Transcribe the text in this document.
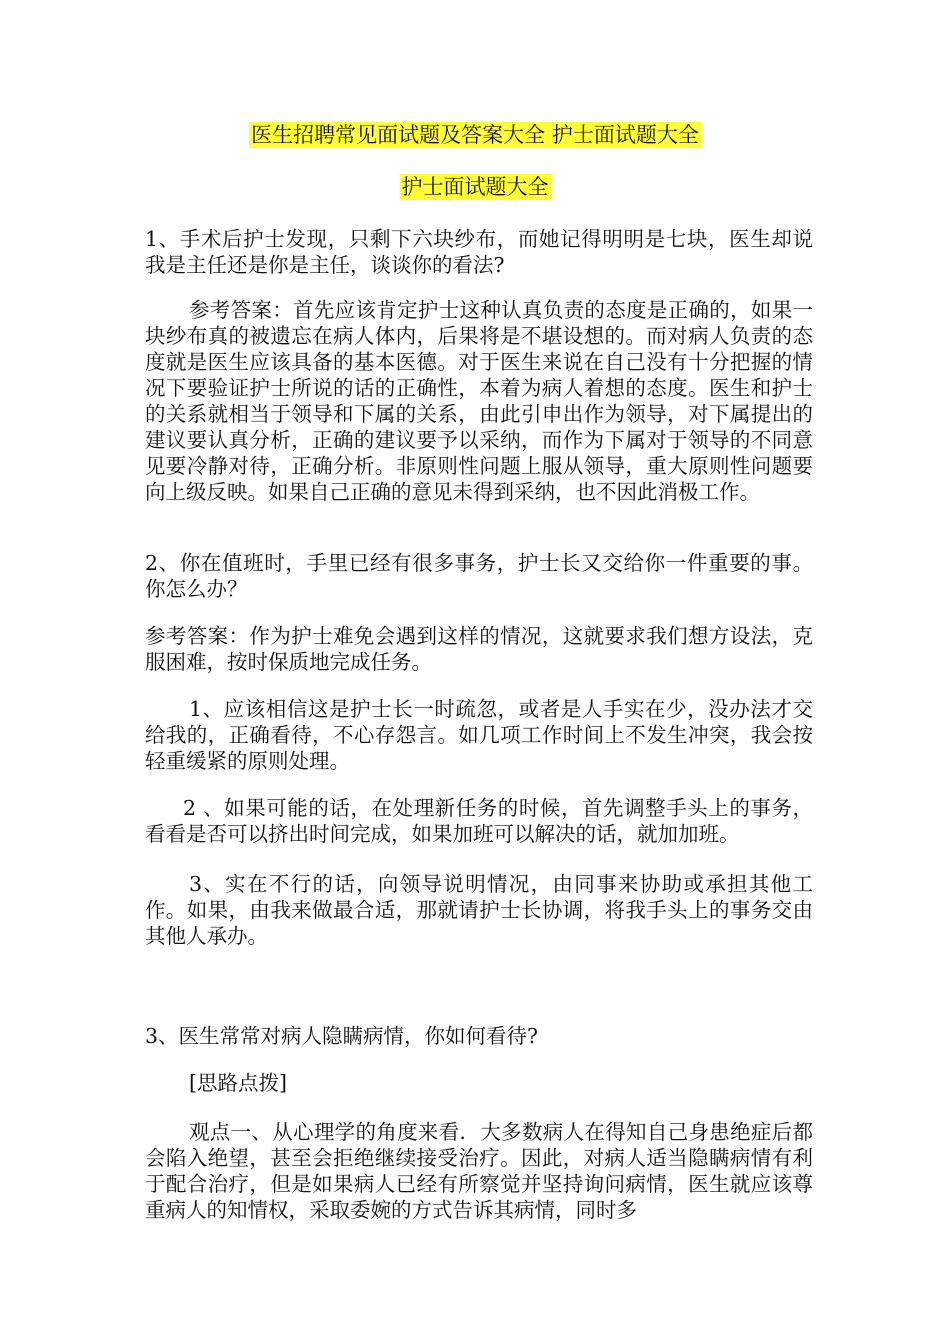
医生招聘常见面试题及答案大全 护士面试题大全
护士面试题大全
1、手术后护士发现，只剩下六块纱布，而她记得明明是七块，医生却说我是主任还是你是主任，谈谈你的看法?
参考答案：首先应该肯定护士这种认真负责的态度是正确的，如果一块纱布真的被遗忘在病人体内，后果将是不堪设想的。而对病人负责的态度就是医生应该具备的基本医德。对于医生来说在自己没有十分把握的情况下要验证护士所说的话的正确性，本着为病人着想的态度。医生和护士的关系就相当于领导和下属的关系，由此引申出作为领导，对下属提出的建议要认真分析，正确的建议要予以采纳，而作为下属对于领导的不同意见要冷静对待，正确分析。非原则性问题上服从领导，重大原则性问题要向上级反映。如果自己正确的意见未得到采纳，也不因此消极工作。
2、你在值班时，手里已经有很多事务，护士长又交给你一件重要的事。你怎么办？
参考答案：作为护士难免会遇到这样的情况，这就要求我们想方设法，克服困难，按时保质地完成任务。
1、应该相信这是护士长一时疏忽，或者是人手实在少，没办法才交给我的，正确看待，不心存怨言。如几项工作时间上不发生冲突，我会按轻重缓紧的原则处理。
2 、如果可能的话，在处理新任务的时候，首先调整手头上的事务，看看是否可以挤出时间完成，如果加班可以解决的话，就加加班。
3、实在不行的话，向领导说明情况，由同事来协助或承担其他工作。如果，由我来做最合适，那就请护士长协调，将我手头上的事务交由其他人承办。
3、医生常常对病人隐瞒病情，你如何看待?
[思路点拨]
观点一、从心理学的角度来看．大多数病人在得知自己身患绝症后都会陷入绝望，甚至会拒绝继续接受治疗。因此，对病人适当隐瞒病情有利于配合治疗，但是如果病人已经有所察觉并坚持询问病情，医生就应该尊重病人的知情权，采取委婉的方式告诉其病情，同时多
